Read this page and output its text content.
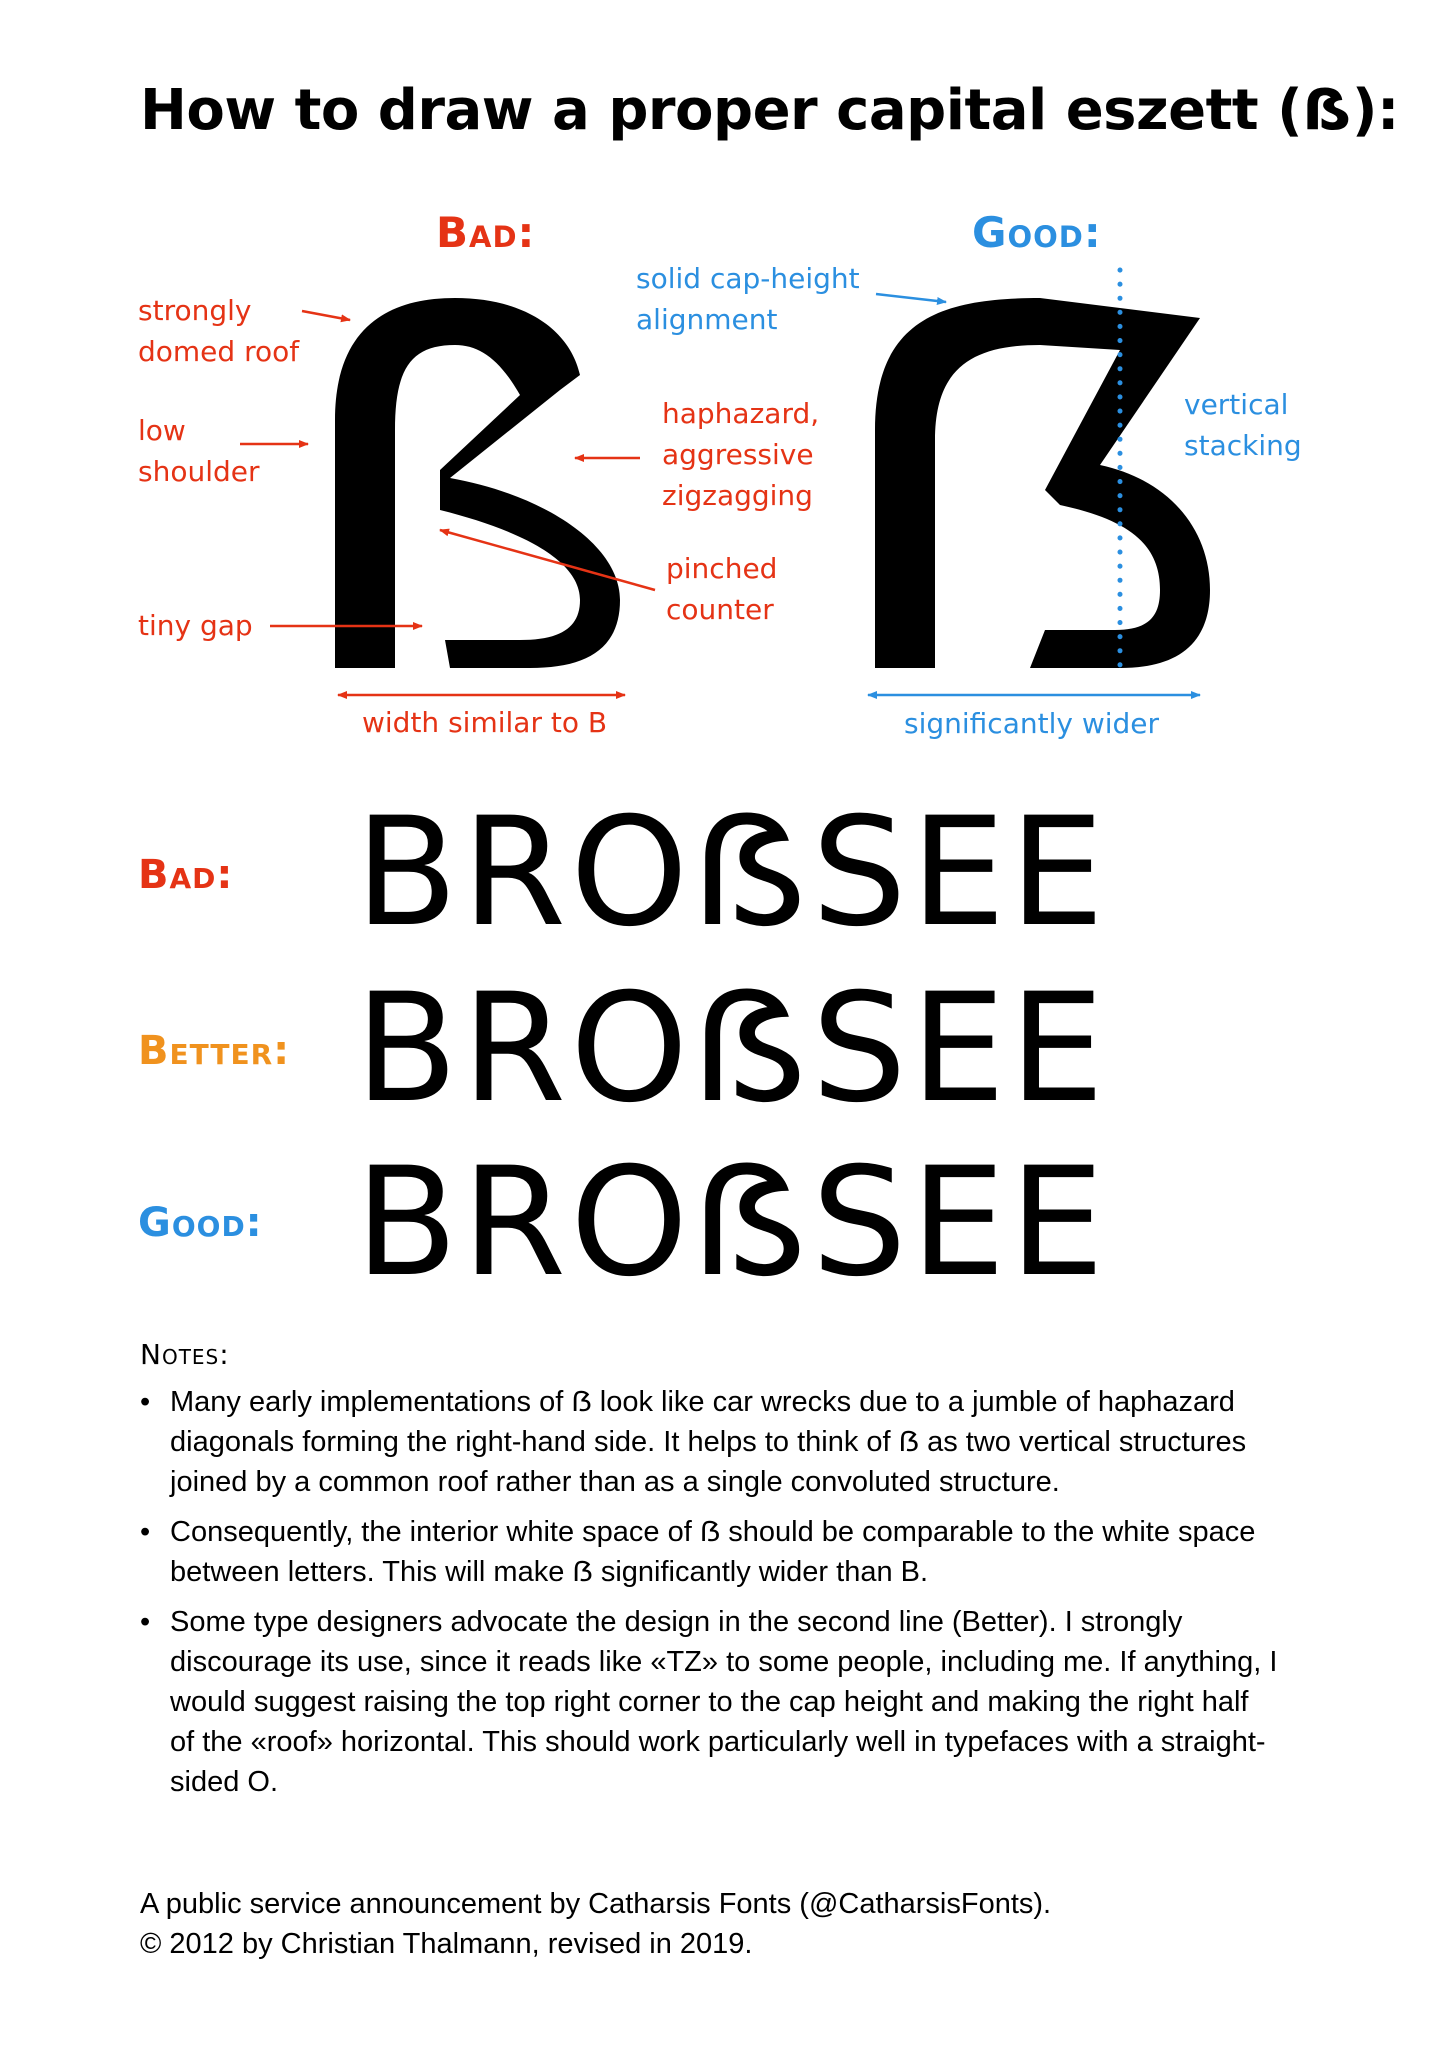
How to draw a proper capital eszett (ẞ):
Bad:	Good:
strongly
domed roof
low
shoulder
tiny gap
haphazard,
aggressive
zigzagging
pinched
counter
width similar to B
solid cap-height
alignment
vertical
stacking
significantly wider
Bad: BROẞSEE
Better: BROẞSEE
Good: BROẞSEE
Notes:
• Many early implementations of ẞ look like car wrecks due to a jumble of haphazard diagonals forming the right-hand side. It helps to think of ẞ as two vertical structures joined by a common roof rather than as a single convoluted structure.
• Consequently, the interior white space of ẞ should be comparable to the white space between letters. This will make ẞ significantly wider than B.
• Some type designers advocate the design in the second line (Better). I strongly discourage its use, since it reads like «TZ» to some people, including me. If anything, I would suggest raising the top right corner to the cap height and making the right half of the «roof» horizontal. This should work particularly well in typefaces with a straight-sided O.
A public service announcement by Catharsis Fonts (@CatharsisFonts).
© 2012 by Christian Thalmann, revised in 2019.
